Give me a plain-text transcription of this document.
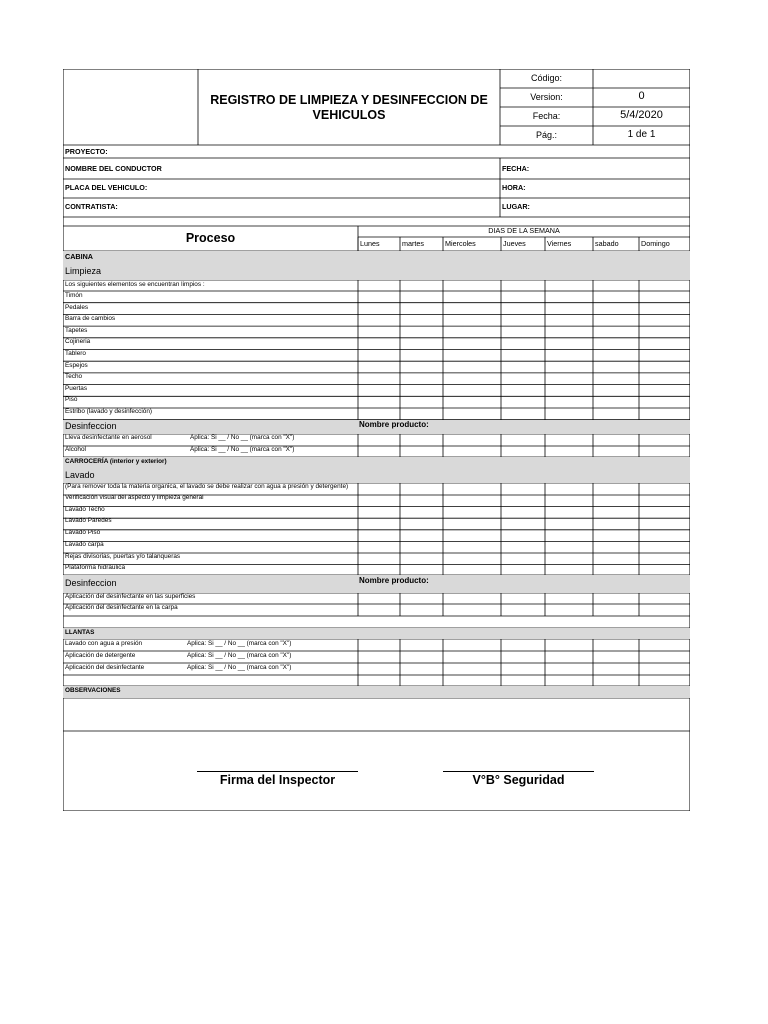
REGISTRO DE LIMPIEZA Y DESINFECCION DE
VEHICULOS
Código:
Version:	0
Fecha:	5/4/2020
Pág.:	1 de 1
PROYECTO:
NOMBRE DEL CONDUCTOR	FECHA:
PLACA DEL VEHICULO:	HORA:
CONTRATISTA:	LUGAR:
Proceso
DIAS DE LA SEMANA
Lunes	martes	Miercoles	Jueves	Viernes	sabado	Domingo
CABINA
Limpieza
Los siguientes elementos se encuentran limpios :
Timón
Pedales
Barra de cambios
Tapetes
Cojineria
Tablero
Espejos
Techo
Puertas
Piso
Estribo (lavado y desinfección)
Desinfeccion	Nombre producto:
Lleva desinfectante en aerosol	Aplica: Si __ / No __ (marca con "X")
Alcohol	Aplica: Si __ / No __ (marca con "X")
CARROCERÍA (interior y exterior)
Lavado
(Para remover toda la materia organica, el lavado se debe realizar con agua a presión y detergente)
Verificación visual del aspecto y limpieza general
Lavado Techo
Lavado Paredes
Lavado Piso
Lavado carpa
Rejas divisorias, puertas y/o talanqueras
Plataforma hidráulica
Desinfeccion	Nombre producto:
Aplicación del desinfectante en las superficies
Aplicación del desinfectante en la carpa
LLANTAS
Lavado con agua a presión	Aplica: Si __ / No __ (marca con "X")
Aplicación de detergente	Aplica: Si __ / No __ (marca con "X")
Aplicación del desinfectante	Aplica: Si __ / No __ (marca con "X")
OBSERVACIONES
Firma del Inspector	V°B° Seguridad
